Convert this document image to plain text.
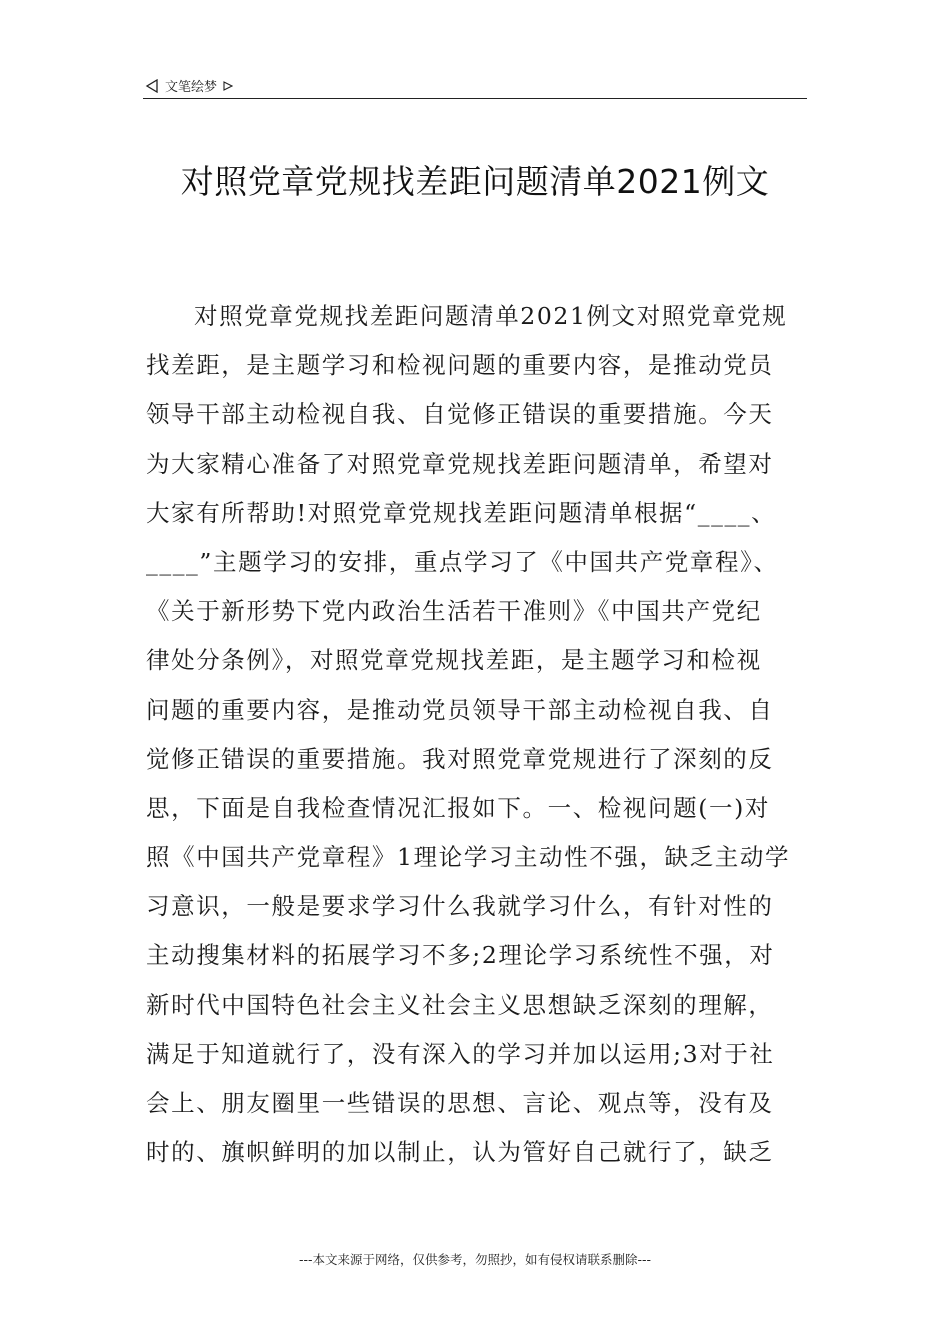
文笔绘梦
对照党章党规找差距问题清单2021例文
对照党章党规找差距问题清单2021例文对照党章党规
找差距，是主题学习和检视问题的重要内容，是推动党员
领导干部主动检视自我、自觉修正错误的重要措施。今天
为大家精心准备了对照党章党规找差距问题清单，希望对
大家有所帮助!对照党章党规找差距问题清单根据“____、
____”主题学习的安排，重点学习了《中国共产党章程》、
《关于新形势下党内政治生活若干准则》《中国共产党纪
律处分条例》，对照党章党规找差距，是主题学习和检视
问题的重要内容，是推动党员领导干部主动检视自我、自
觉修正错误的重要措施。我对照党章党规进行了深刻的反
思，下面是自我检查情况汇报如下。一、检视问题(一)对
照《中国共产党章程》1理论学习主动性不强，缺乏主动学
习意识，一般是要求学习什么我就学习什么，有针对性的
主动搜集材料的拓展学习不多;2理论学习系统性不强，对
新时代中国特色社会主义社会主义思想缺乏深刻的理解，
满足于知道就行了，没有深入的学习并加以运用;3对于社
会上、朋友圈里一些错误的思想、言论、观点等，没有及
时的、旗帜鲜明的加以制止，认为管好自己就行了，缺乏
---本文来源于网络，仅供参考，勿照抄，如有侵权请联系删除---
